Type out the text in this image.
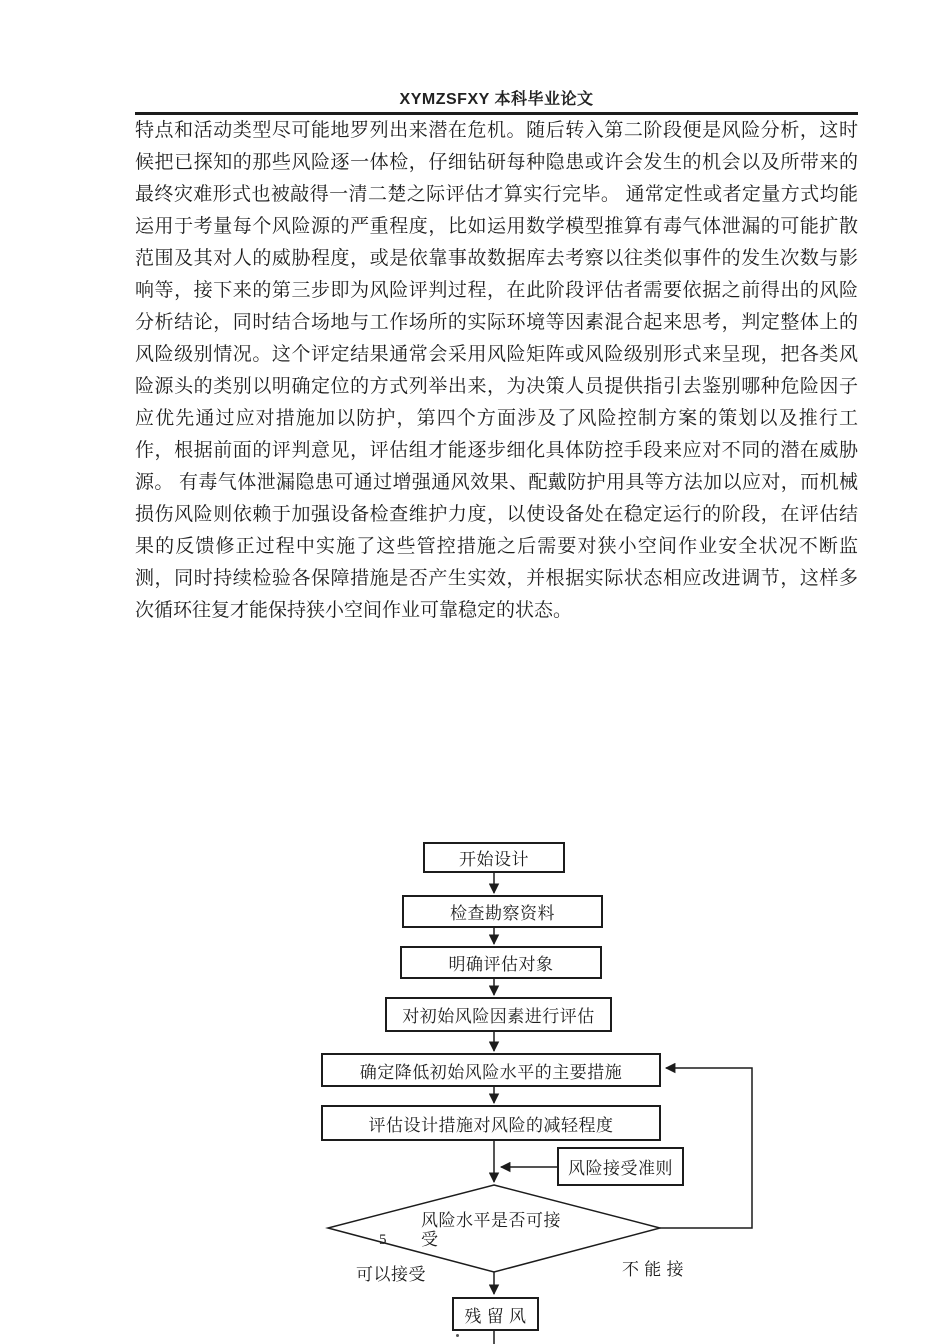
XYMZSFXY 本科毕业论文
特点和活动类型尽可能地罗列出来潜在危机。随后转入第二阶段便是风险分析，这时
候把已探知的那些风险逐一体检，仔细钻研每种隐患或许会发生的机会以及所带来的
最终灾难形式也被敲得一清二楚之际评估才算实行完毕。 通常定性或者定量方式均能
运用于考量每个风险源的严重程度，比如运用数学模型推算有毒气体泄漏的可能扩散
范围及其对人的威胁程度，或是依靠事故数据库去考察以往类似事件的发生次数与影
响等，接下来的第三步即为风险评判过程，在此阶段评估者需要依据之前得出的风险
分析结论，同时结合场地与工作场所的实际环境等因素混合起来思考，判定整体上的
风险级别情况。这个评定结果通常会采用风险矩阵或风险级别形式来呈现，把各类风
险源头的类别以明确定位的方式列举出来，为决策人员提供指引去鉴别哪种危险因子
应优先通过应对措施加以防护，第四个方面涉及了风险控制方案的策划以及推行工
作，根据前面的评判意见，评估组才能逐步细化具体防控手段来应对不同的潜在威胁
源。 有毒气体泄漏隐患可通过增强通风效果、配戴防护用具等方法加以应对，而机械
损伤风险则依赖于加强设备检查维护力度，以使设备处在稳定运行的阶段，在评估结
果的反馈修正过程中实施了这些管控措施之后需要对狭小空间作业安全状况不断监
测，同时持续检验各保障措施是否产生实效，并根据实际状态相应改进调节，这样多
次循环往复才能保持狭小空间作业可靠稳定的状态。
开始设计
检查勘察资料
明确评估对象
对初始风险因素进行评估
确定降低初始风险水平的主要措施
评估设计措施对风险的减轻程度
风险接受准则
残 留 风
风险水平是否可接
受
可以接受	不 能 接
5
